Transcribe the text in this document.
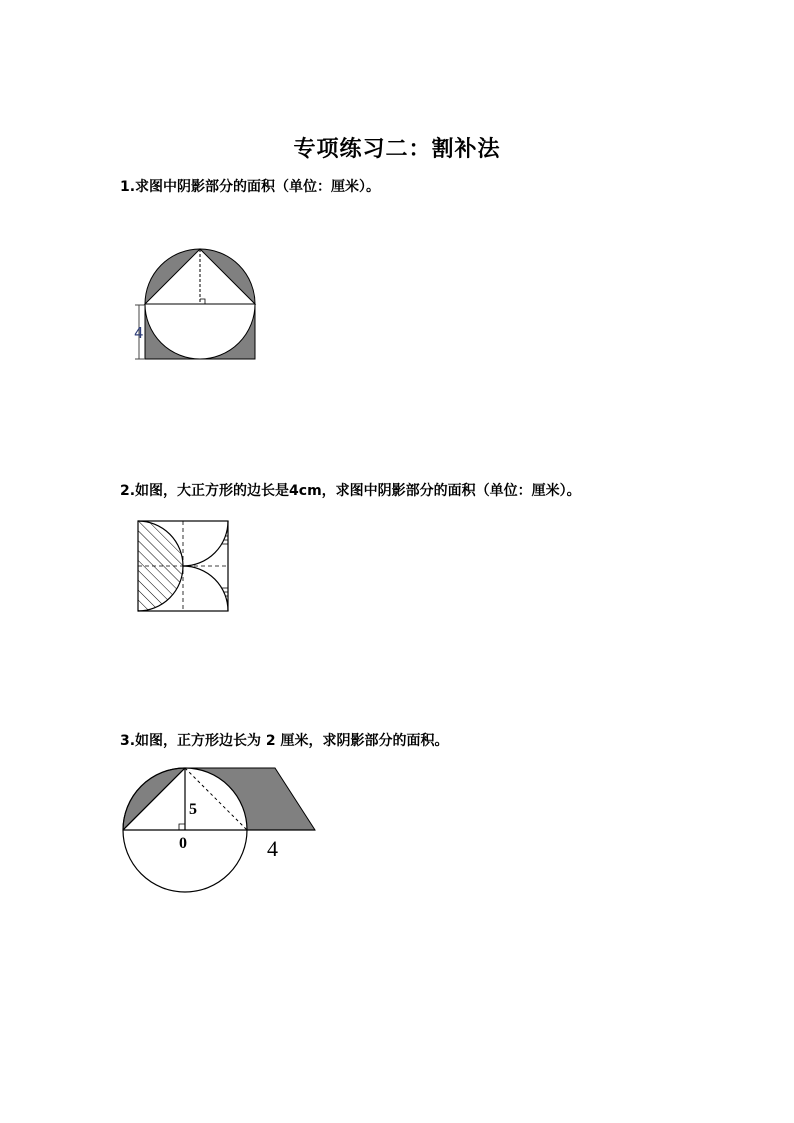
专项练习二：割补法
1.求图中阴影部分的面积（单位：厘米）。
4
2.如图，大正方形的边长是4cm，求图中阴影部分的面积（单位：厘米）。
3.如图，正方形边长为 2 厘米，求阴影部分的面积。
5
0	4
